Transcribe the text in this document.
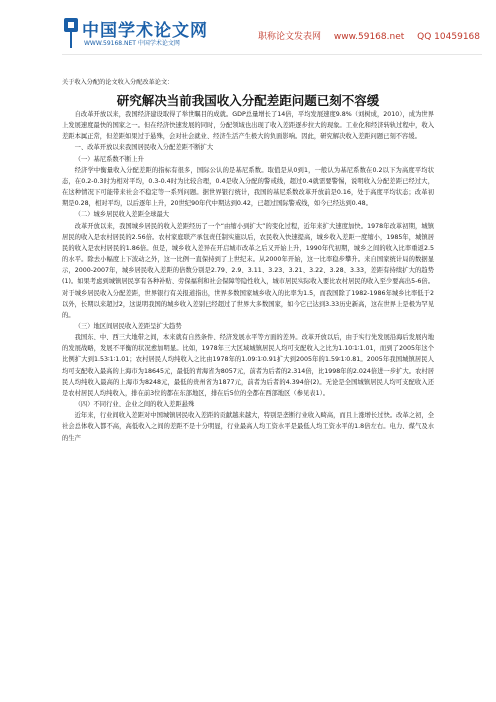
中国学术论文网
WWW.59168.NET 中国学术论文网
职称论文发表网 www.59168.net QQ 10459168
关于收入分配的论文收入分配改革论文：
研究解决当前我国收入分配差距问题已刻不容缓

自改革开放以来，我国经济建设取得了举世瞩目的成就。GDP总量增长了14倍，平均发展速度9.8%（刘树成，2010），成为世界上发展速度最快的国家之一。但在经济快速发展的同时，分配领域也出现了收入差距逐步拉大的现象。工业化和经济转轨过程中，收入差距本属正常，但差距如果过于悬殊，会对社会就业、经济生活产生极大的负面影响。因此，研究解决收入差距问题已刻不容缓。

一、改革开放以来我国居民收入分配差距不断扩大

（一）基尼系数不断上升

经济学中衡量收入分配差距的指标有很多，国际公认的是基尼系数。取值是从0到1，一般认为基尼系数在0.2以下为高度平均状态，在0.2-0.3时为相对平均，0.3-0.4时为比较合理，0.4是收入分配的警戒线，超过0.4就需要警惕，说明收入分配差距已经过大，在这种情况下可能带来社会不稳定等一系列问题。据世界银行统计，我国的基尼系数改革开放前是0.16，处于高度平均状态；改革初期是0.28，相对平均，以后逐年上升，20世纪90年代中期达到0.42，已超过国际警戒线，如今已经达到0.48。

（二）城乡居民收入差距全球最大

改革开放以来，我国城乡居民的收入差距经历了一个“由缩小到扩大”的变化过程，近年来扩大速度加快。1978年改革初期，城镇居民的收入是农村居民的2.56倍。农村家庭联产承包责任制实施以后，农民收入快速提高，城乡收入差距一度缩小，1985年，城镇居民的收入是农村居民的1.86倍。但是，城乡收入差异在开启城市改革之后又开始上升，1990年代初期，城乡之间的收入比率重返2.5的水平。除去小幅度上下波动之外，这一比例一直保持到了上世纪末。从2000年开始，这一比率稳步攀升。来自国家统计局的数据显示，2000-2007年，城乡居民收入差距的倍数分别是2.79、2.9、3.11、3.23、3.21、3.22、3.28、3.33，差距有持续扩大的趋势(1)。如果考虑到城镇居民享有各种补贴、劳保福利和社会保障等隐性收入，城市居民实际收入要比农村居民的收入至少要高出5-6倍。对于城乡居民收入分配差距，世界银行有关报道指出，世界多数国家城乡收入的比率为1.5，而我国除了1982-1986年城乡比率低于2以外，长期以来超过2，这说明我国的城乡收入差别已经超过了世界大多数国家，如今它已达到3.33历史新高，这在世界上是极为罕见的。

（三）地区间居民收入差距呈扩大趋势

我国东、中、西三大地带之间，本来就有自然条件、经济发展水平等方面的差异。改革开放以后，由于实行先发展沿海后发展内地的发展战略，发展不平衡的状况愈加明显。比如，1978年三大区域城镇居民人均可支配收入之比为1.10∶1∶1.01，而到了2005年这个比例扩大到1.53∶1∶1.01；农村居民人均纯收入之比由1978年的1.09∶1∶0.91扩大到2005年的1.59∶1∶0.81。2005年我国城镇居民人均可支配收入最高的上海市为18645元，最低的青海省为8057元，前者为后者的2.314倍，比1998年的2.024倍进一步扩大。农村居民人均纯收入最高的上海市为8248元，最低的贵州省为1877元，前者为后者的4.394倍(2)。无论是全国城镇居民人均可支配收入还是农村居民人均纯收入，排在前3位的都在东部地区，排在后5位的全都在西部地区（参见表1）。

（四）不同行业、企业之间的收入差距悬殊

近年来，行业间收入差距对中国城镇居民收入差距的贡献越来越大，特别是垄断行业收入畸高，而且上涨增长过快。改革之初，全社会总体收入都不高，高低收入之间的差距不是十分明显，行业最高人均工资水平是最低人均工资水平的1.8倍左右。电力、煤气及水的生产
